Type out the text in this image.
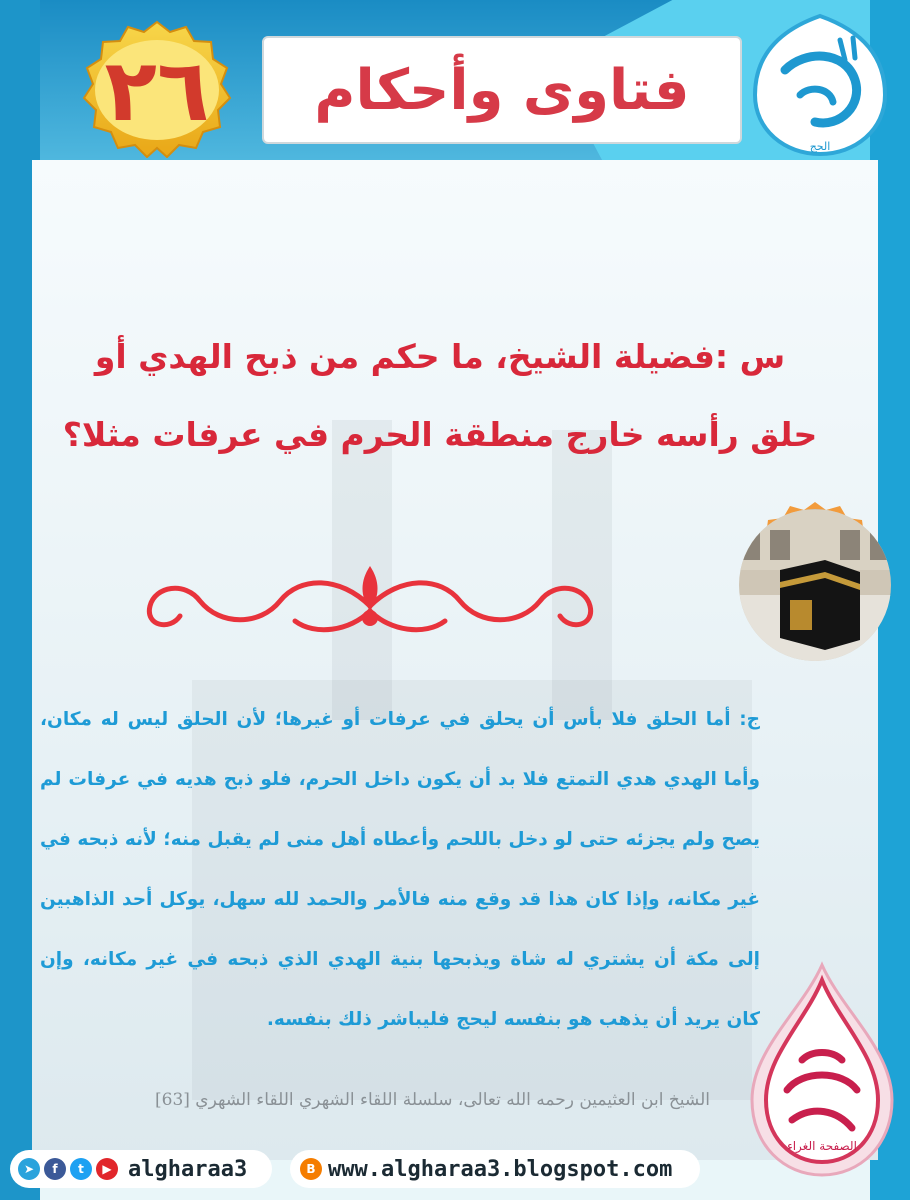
فتاوى وأحكام
٢٦
الحج
س :فضيلة الشيخ، ما حكم من ذبح الهدي أو
حلق رأسه خارج منطقة الحرم في عرفات مثلا؟
ج: أما الحلق فلا بأس أن يحلق في عرفات أو غيرها؛ لأن الحلق ليس له مكان، وأما الهدي هدي التمتع فلا بد أن يكون داخل الحرم، فلو ذبح هديه في عرفات لم يصح ولم يجزئه حتى لو دخل باللحم وأعطاه أهل منى لم يقبل منه؛ لأنه ذبحه في غير مكانه، وإذا كان هذا قد وقع منه فالأمر والحمد لله سهل، يوكل أحد الذاهبين إلى مكة أن يشتري له شاة ويذبحها بنية الهدي الذي ذبحه في غير مكانه، وإن كان يريد أن يذهب هو بنفسه ليحج فليباشر ذلك بنفسه.
الشيخ ابن العثيمين رحمه الله تعالى، سلسلة اللقاء الشهري اللقاء الشهري [63]
الصفحة الغراء
➤	f	t	▶ algharaa3	B www.algharaa3.blogspot.com
